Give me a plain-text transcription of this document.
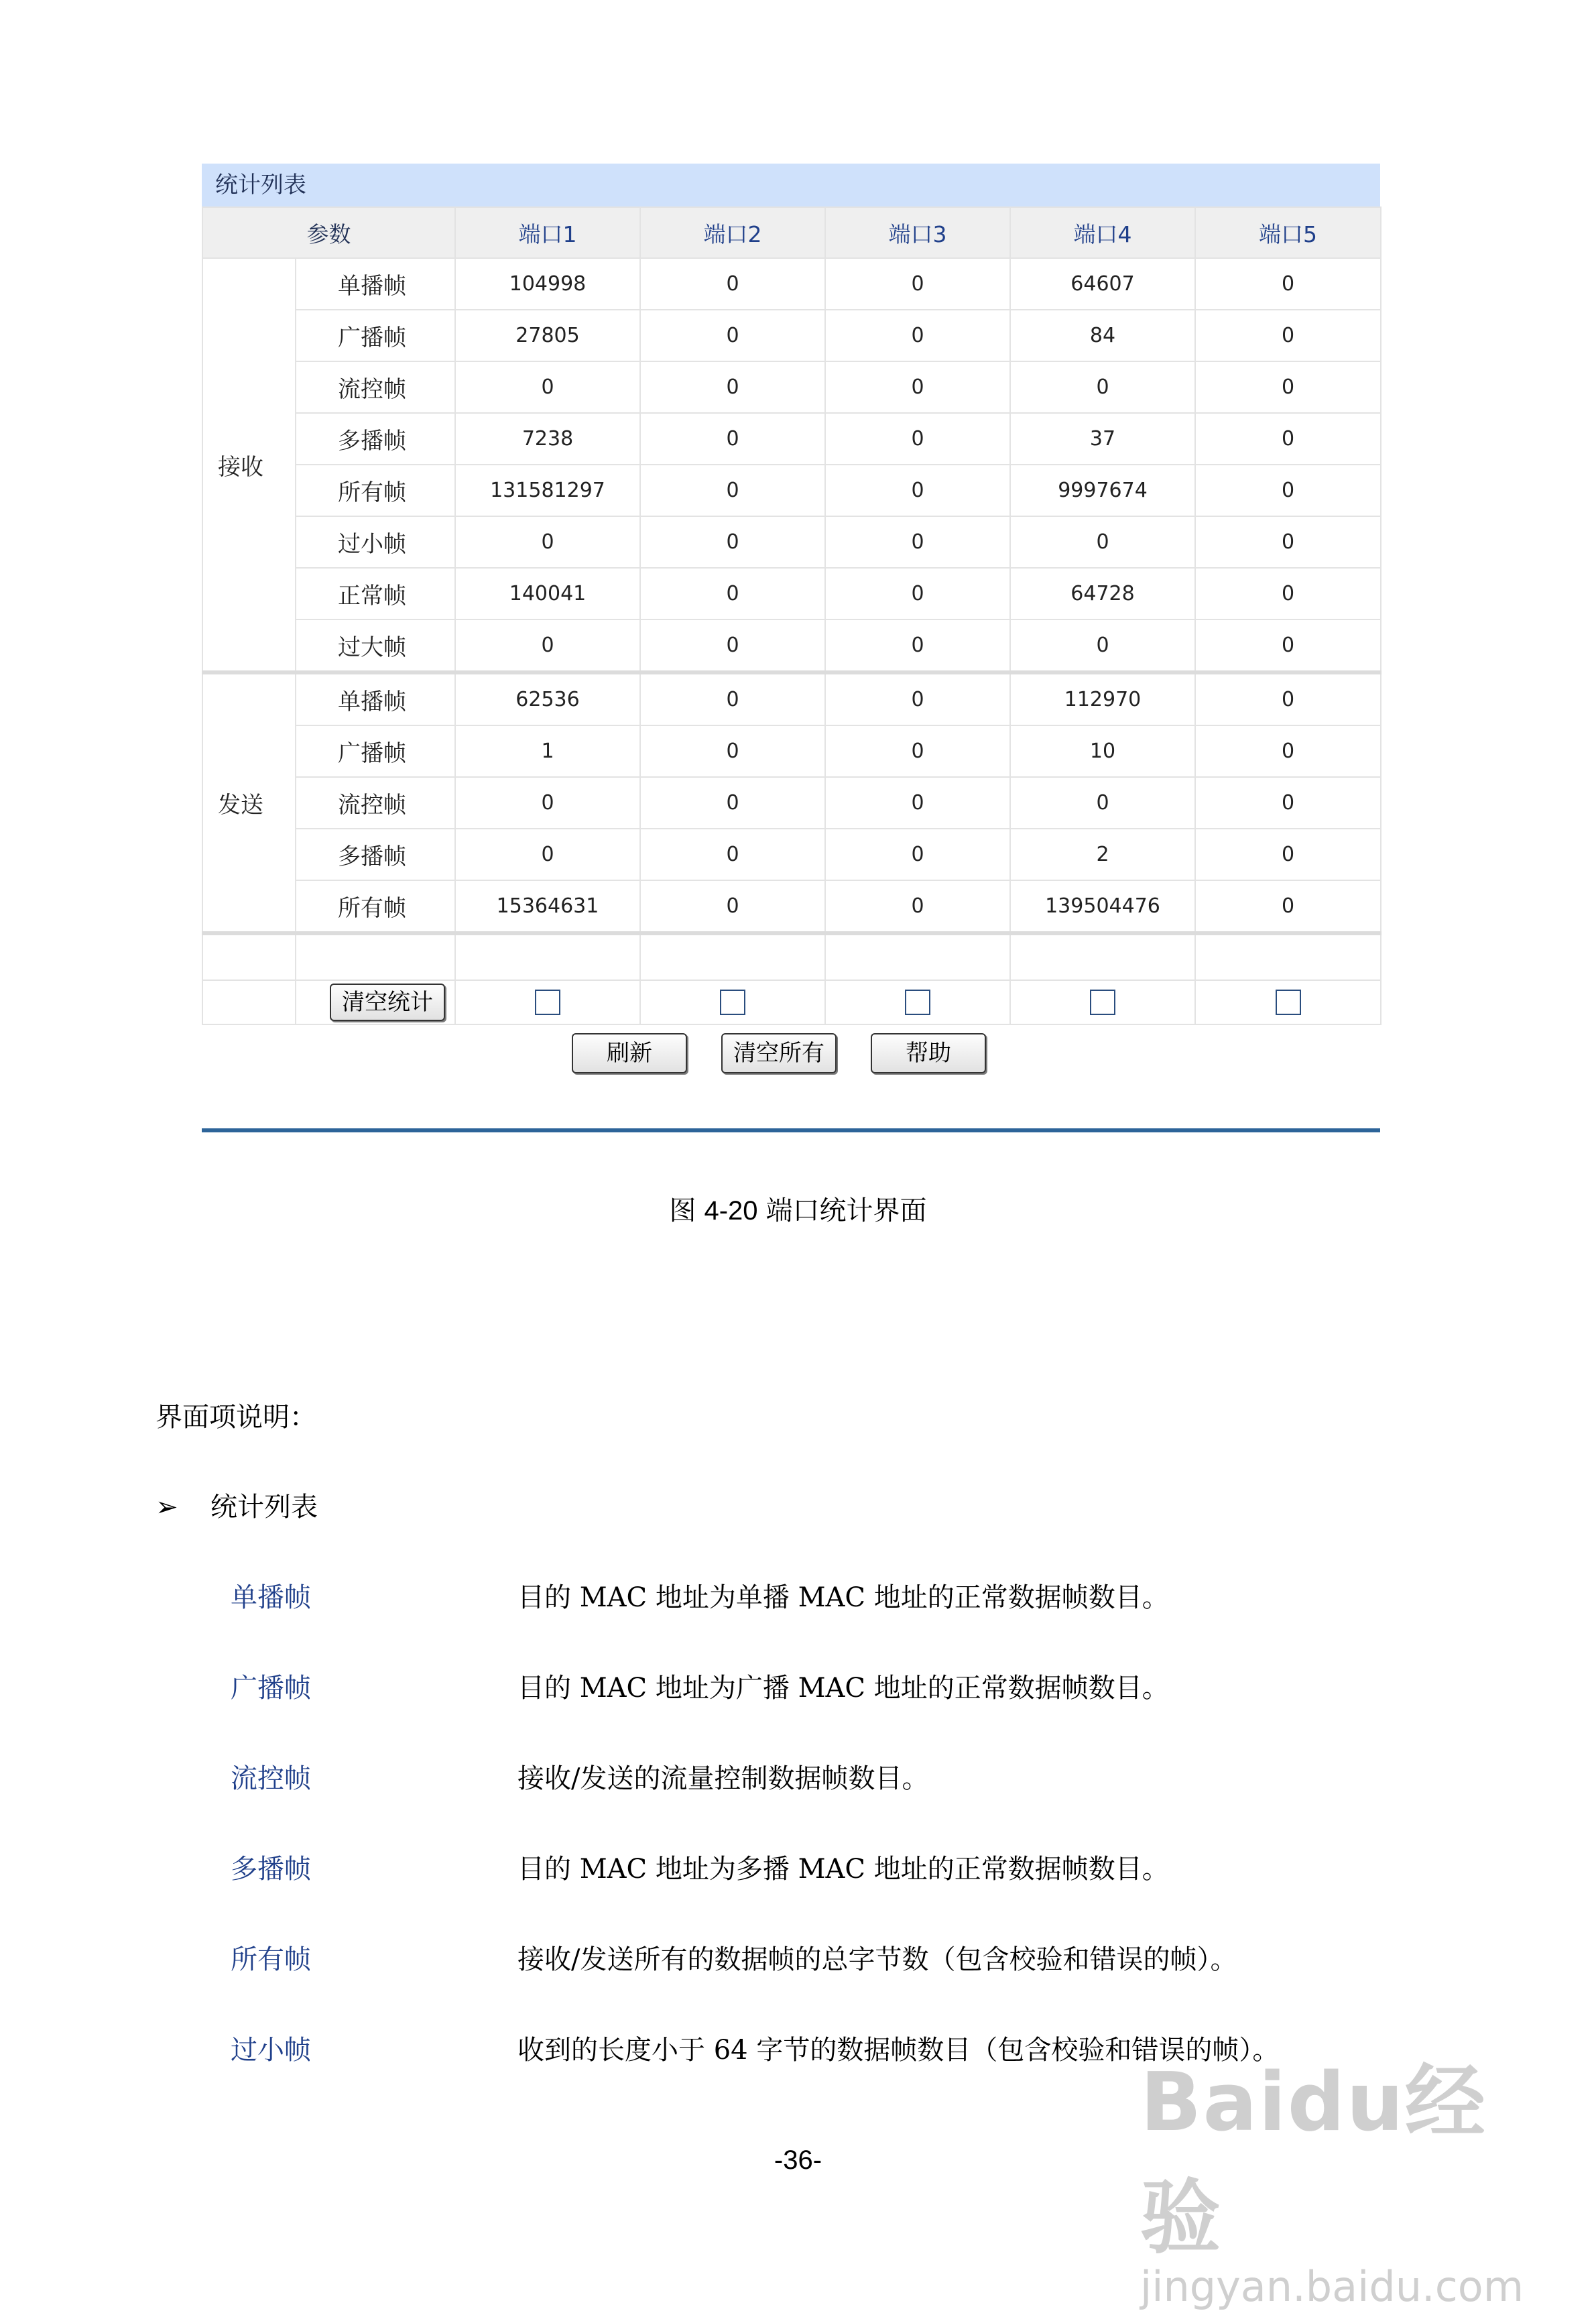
统计列表
参数		端口1	端口2	端口3	端口4	端口5
接收	单播帧	104998	0	0	64607	0
	广播帧	27805	0	0	84	0
	流控帧	0	0	0	0	0
	多播帧	7238	0	0	37	0
	所有帧	131581297	0	0	9997674	0
	过小帧	0	0	0	0	0
	正常帧	140041	0	0	64728	0
	过大帧	0	0	0	0	0
发送	单播帧	62536	0	0	112970	0
	广播帧	1	0	0	10	0
	流控帧	0	0	0	0	0
	多播帧	0	0	0	2	0
	所有帧	15364631	0	0	139504476	0

	清空统计					
刷新	清空所有	帮助
图 4-20 端口统计界面
界面项说明：
➢ 统计列表
单播帧	目的 MAC 地址为单播 MAC 地址的正常数据帧数目。
广播帧	目的 MAC 地址为广播 MAC 地址的正常数据帧数目。
流控帧	接收/发送的流量控制数据帧数目。
多播帧	目的 MAC 地址为多播 MAC 地址的正常数据帧数目。
所有帧	接收/发送所有的数据帧的总字节数（包含校验和错误的帧）。
过小帧	收到的长度小于 64 字节的数据帧数目（包含校验和错误的帧）。
-36-
Baidu经验
jingyan.baidu.com
